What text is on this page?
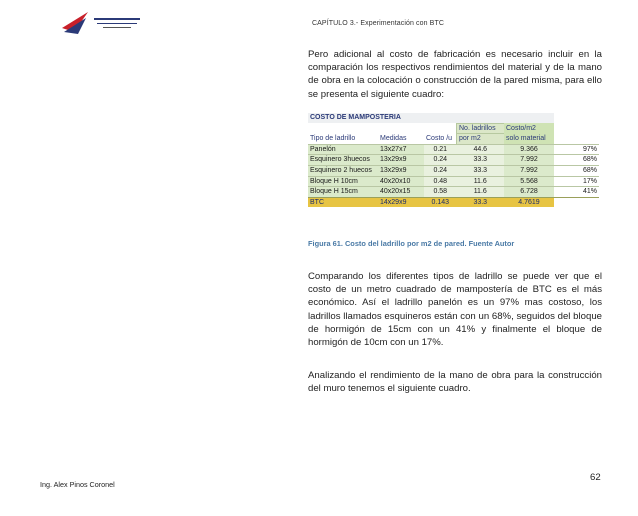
CAPÍTULO 3.- Experimentación con BTC

Pero adicional al costo de fabricación es necesario incluir en la comparación los respectivos rendimientos del material y de la mano de obra en la colocación o construcción de la pared misma, para ello se presenta el siguiente cuadro:

COSTO DE MAMPOSTERIA					
			No. ladrillos	Costo/m2	
Tipo de ladrillo	Medidas	Costo /u	por m2	solo material	
Panelón	13x27x7	0.21	44.6	9.366	97%
Esquinero 3huecos	13x29x9	0.24	33.3	7.992	68%
Esquinero 2 huecos	13x29x9	0.24	33.3	7.992	68%
Bloque H 10cm	40x20x10	0.48	11.6	5.568	17%
Bloque H 15cm	40x20x15	0.58	11.6	6.728	41%
BTC	14x29x9	0.143	33.3	4.7619	
Figura 61. Costo del ladrillo por m2 de pared. Fuente Autor

Comparando los diferentes tipos de ladrillo se puede ver que el costo de un metro cuadrado de mampostería de BTC es el más económico. Así el ladrillo panelón es un 97% mas costoso, los ladrillos llamados esquineros están con un 68%, seguidos del bloque de hormigón de 15cm con un 41% y finalmente el bloque de hormigón de 10cm con un 17%.

Analizando el rendimiento de la mano de obra para la construcción del muro tenemos el siguiente cuadro.

62
Ing. Alex Pinos Coronel
